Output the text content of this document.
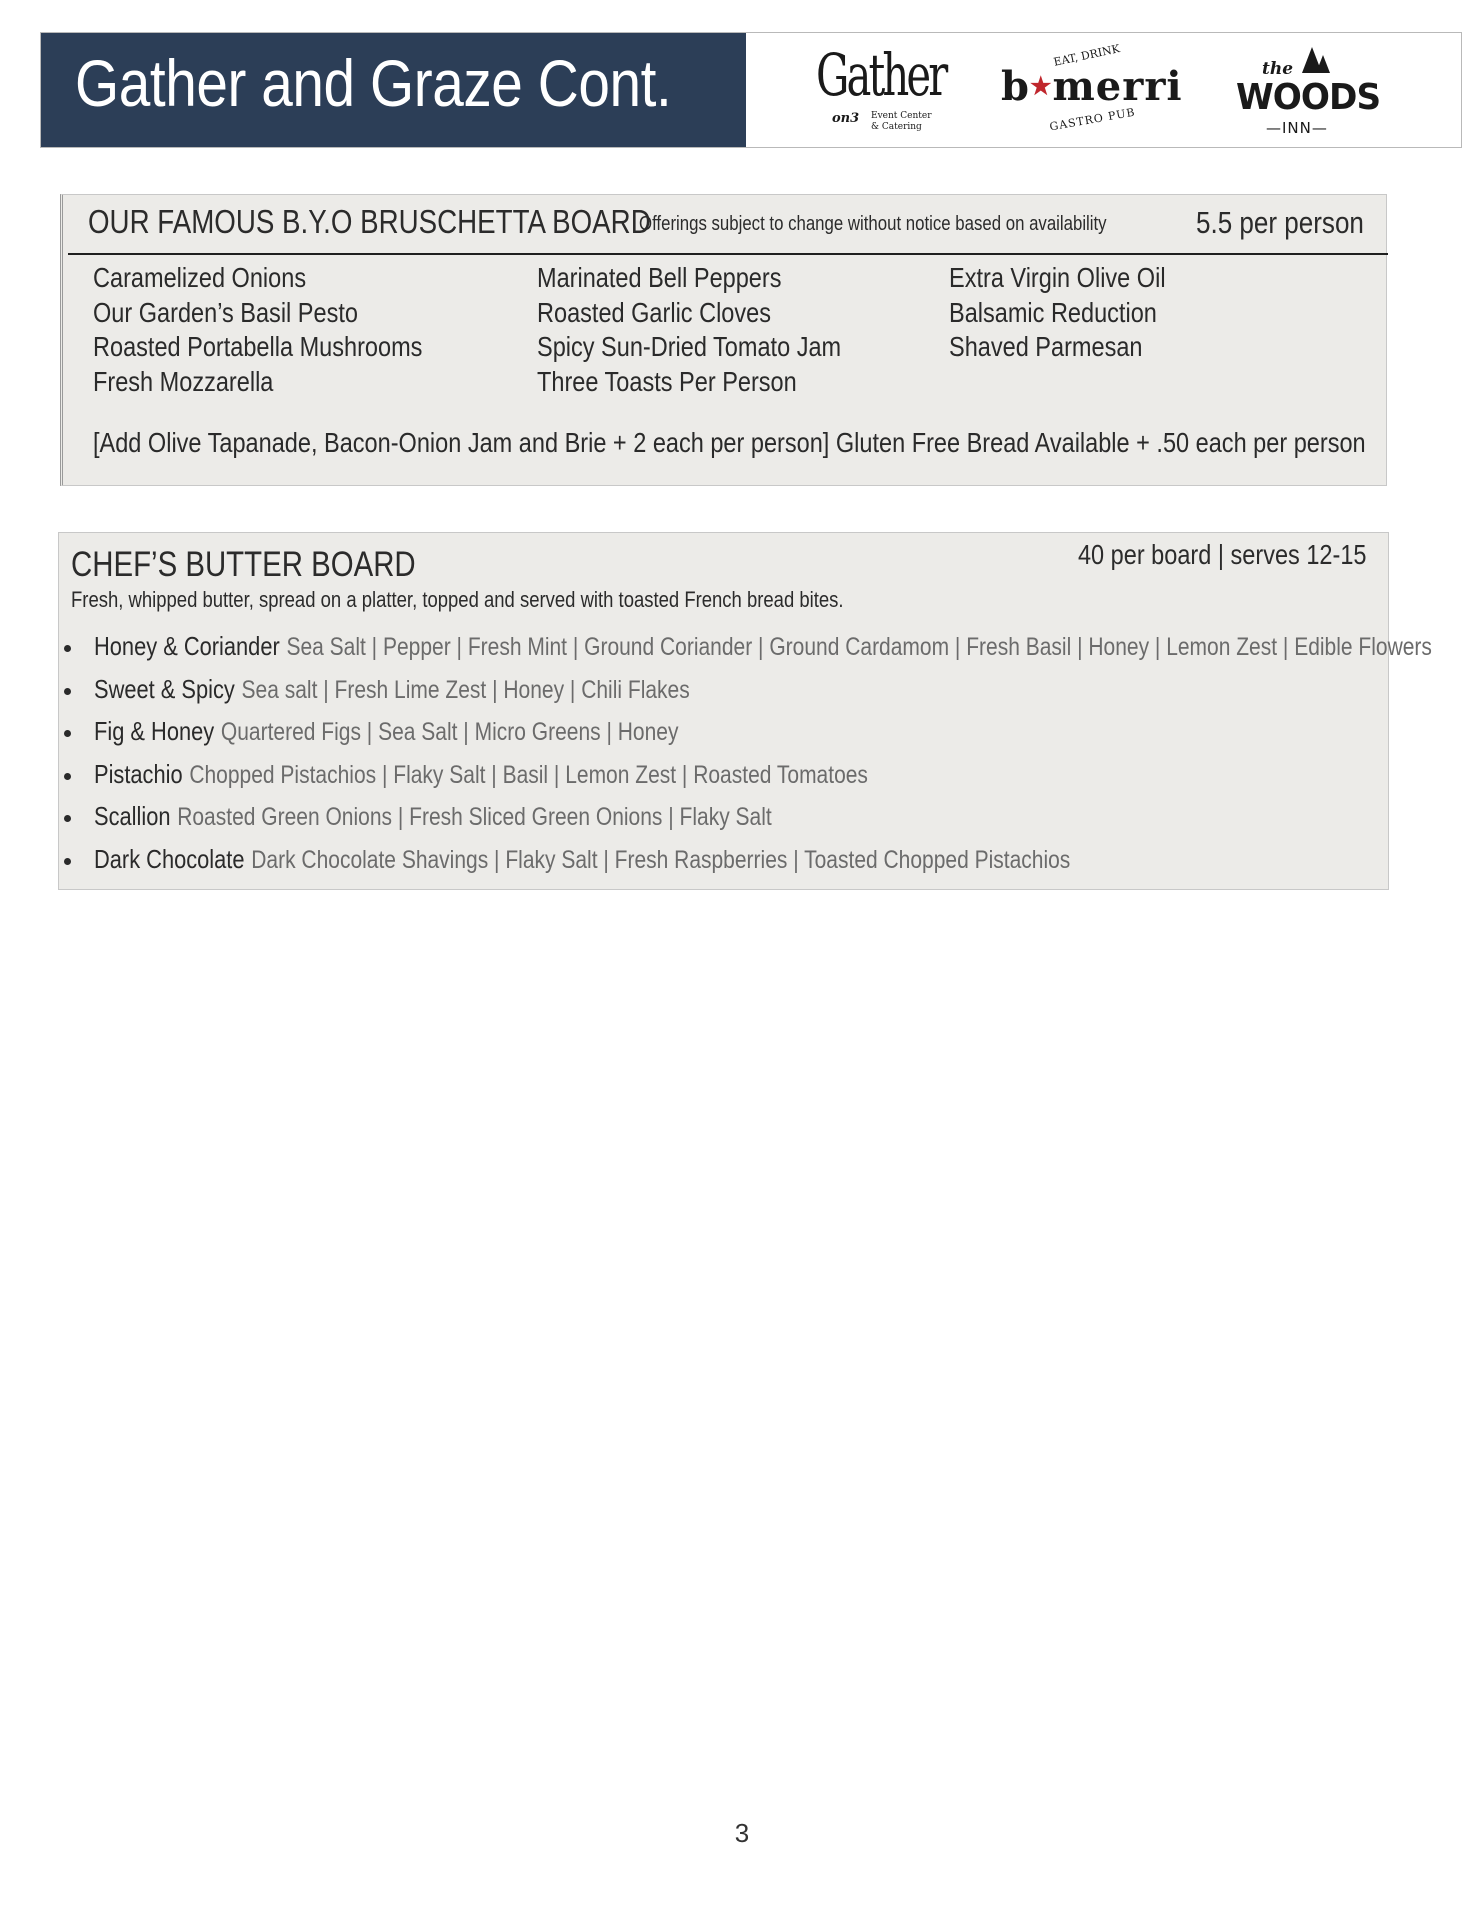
Gather and Graze Cont. Gather
on3 Event Center
& Catering
EAT, DRINK
b★merri
GASTRO PUB
the
WOODS
—INN—
OUR FAMOUS B.Y.O BRUSCHETTA BOARD
Offerings subject to change without notice based on availability	5.5 per person
Caramelized Onions
Our Garden’s Basil Pesto
Roasted Portabella Mushrooms
Fresh Mozzarella
Marinated Bell Peppers
Roasted Garlic Cloves
Spicy Sun-Dried Tomato Jam
Three Toasts Per Person
Extra Virgin Olive Oil
Balsamic Reduction
Shaved Parmesan
[Add Olive Tapanade, Bacon-Onion Jam and Brie + 2 each per person] Gluten Free Bread Available + .50 each per person
CHEF’S BUTTER BOARD	40 per board | serves 12-15
Fresh, whipped butter, spread on a platter, topped and served with toasted French bread bites.
Honey & Coriander Sea Salt | Pepper | Fresh Mint | Ground Coriander | Ground Cardamom | Fresh Basil | Honey | Lemon Zest | Edible Flowers
Sweet & Spicy Sea salt | Fresh Lime Zest | Honey | Chili Flakes
Fig & Honey Quartered Figs | Sea Salt | Micro Greens | Honey
Pistachio Chopped Pistachios | Flaky Salt | Basil | Lemon Zest | Roasted Tomatoes
Scallion Roasted Green Onions | Fresh Sliced Green Onions | Flaky Salt
Dark Chocolate Dark Chocolate Shavings | Flaky Salt | Fresh Raspberries | Toasted Chopped Pistachios
3
